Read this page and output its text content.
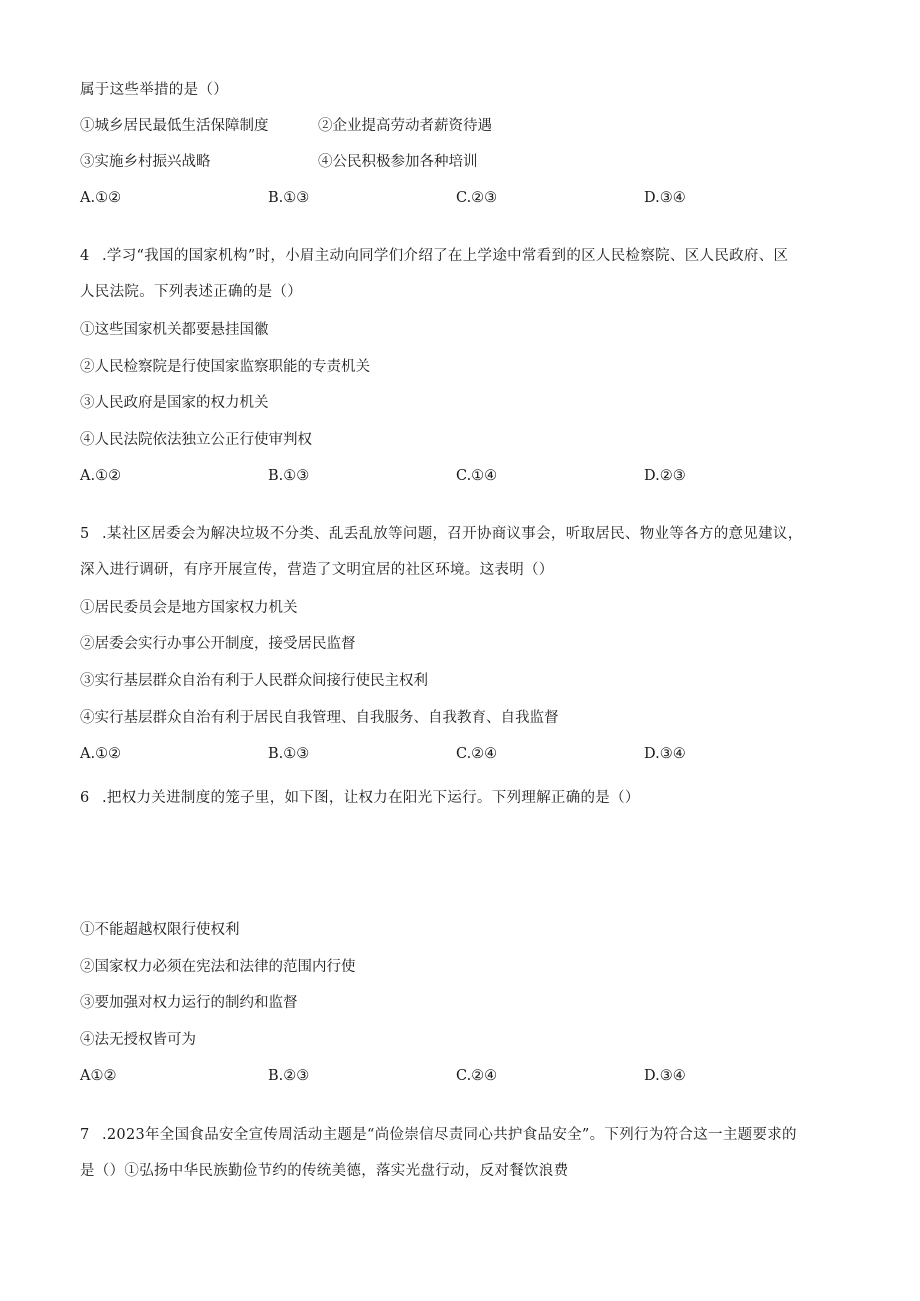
属于这些举措的是（）
①城乡居民最低生活保障制度	②企业提高劳动者薪资待遇
③实施乡村振兴战略	④公民积极参加各种培训
A.①②	B.①③	C.②③	D.③④
4 .学习“我国的国家机构”时，小眉主动向同学们介绍了在上学途中常看到的区人民检察院、区人民政府、区
人民法院。下列表述正确的是（）
①这些国家机关都要悬挂国徽
②人民检察院是行使国家监察职能的专责机关
③人民政府是国家的权力机关
④人民法院依法独立公正行使审判权
A.①②	B.①③	C.①④	D.②③
5 .某社区居委会为解决垃圾不分类、乱丢乱放等问题，召开协商议事会，听取居民、物业等各方的意见建议，
深入进行调研，有序开展宣传，营造了文明宜居的社区环境。这表明（）
①居民委员会是地方国家权力机关
②居委会实行办事公开制度，接受居民监督
③实行基层群众自治有利于人民群众间接行使民主权利
④实行基层群众自治有利于居民自我管理、自我服务、自我教育、自我监督
A.①②	B.①③	C.②④	D.③④
6 .把权力关进制度的笼子里，如下图，让权力在阳光下运行。下列理解正确的是（）
①不能超越权限行使权利
②国家权力必须在宪法和法律的范围内行使
③要加强对权力运行的制约和监督
④法无授权皆可为
A①②	B.②③	C.②④	D.③④
7 .2023年全国食品安全宣传周活动主题是“尚俭崇信尽责同心共护食品安全”。下列行为符合这一主题要求的
是（）①弘扬中华民族勤俭节约的传统美德，落实光盘行动，反对餐饮浪费
